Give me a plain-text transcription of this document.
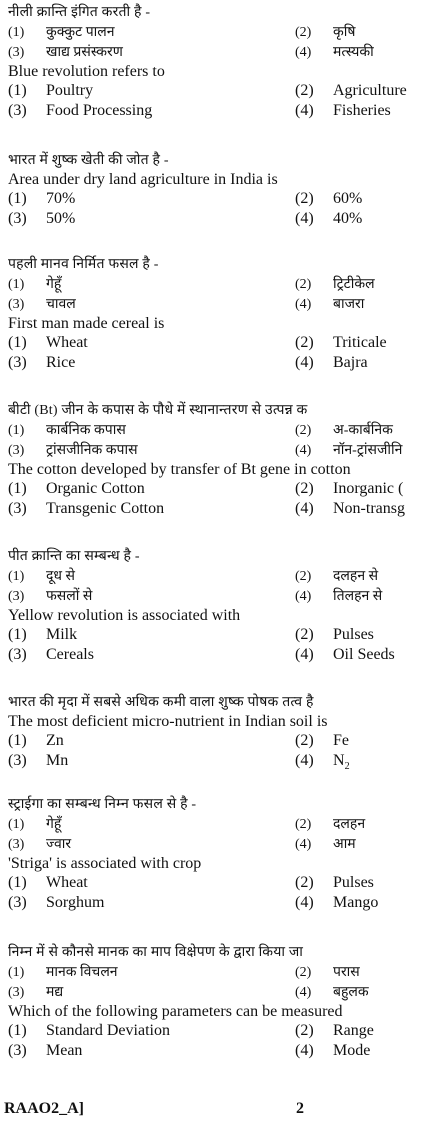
नीली क्रान्ति इंगित करती है -
(1) कुक्कुट पालन	(2) कृषि
(3) खाद्य प्रसंस्करण	(4) मत्स्यकी
Blue revolution refers to
(1) Poultry	(2) Agriculture
(3) Food Processing	(4) Fisheries
भारत में शुष्क खेती की जोत है -
Area under dry land agriculture in India is
(1) 70%	(2) 60%
(3) 50%	(4) 40%
पहली मानव निर्मित फसल है -
(1) गेहूँ	(2) ट्रिटीकेल
(3) चावल	(4) बाजरा
First man made cereal is
(1) Wheat	(2) Triticale
(3) Rice	(4) Bajra
बीटी (Bt) जीन के कपास के पौधे में स्थानान्तरण से उत्पन्न क
(1) कार्बनिक कपास	(2) अ-कार्बनिक
(3) ट्रांसजीनिक कपास	(4) नॉन-ट्रांसजीनि
The cotton developed by transfer of Bt gene in cotton
(1) Organic Cotton	(2) Inorganic (
(3) Transgenic Cotton	(4) Non-transg
पीत क्रान्ति का सम्बन्ध है -
(1) दूध से	(2) दलहन से
(3) फसलों से	(4) तिलहन से
Yellow revolution is associated with
(1) Milk	(2) Pulses
(3) Cereals	(4) Oil Seeds
भारत की मृदा में सबसे अधिक कमी वाला शुष्क पोषक तत्व है
The most deficient micro-nutrient in Indian soil is
(1) Zn	(2) Fe
(3) Mn	(4) $N_2$
स्ट्राईगा का सम्बन्ध निम्न फसल से है -
(1) गेहूँ	(2) दलहन
(3) ज्वार	(4) आम
'Striga' is associated with crop
(1) Wheat	(2) Pulses
(3) Sorghum	(4) Mango
निम्न में से कौनसे मानक का माप विक्षेपण के द्वारा किया जा
(1) मानक विचलन	(2) परास
(3) मद्य	(4) बहुलक
Which of the following parameters can be measured
(1) Standard Deviation	(2) Range
(3) Mean	(4) Mode
RAAO2_A]	2
